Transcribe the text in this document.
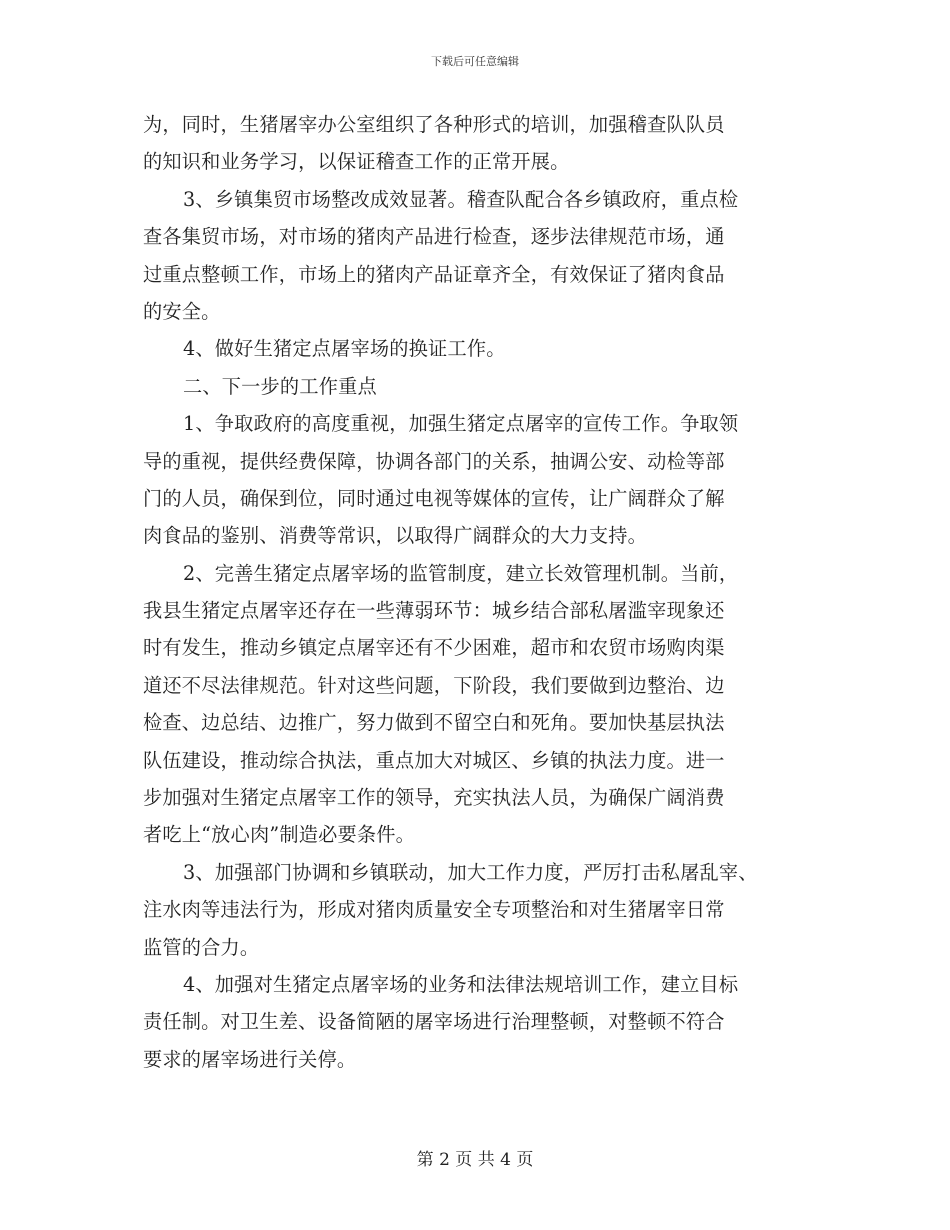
下载后可任意编辑
为，同时，生猪屠宰办公室组织了各种形式的培训，加强稽查队队员
的知识和业务学习，以保证稽查工作的正常开展。
3、乡镇集贸市场整改成效显著。稽查队配合各乡镇政府，重点检
查各集贸市场，对市场的猪肉产品进行检查，逐步法律规范市场，通
过重点整顿工作，市场上的猪肉产品证章齐全，有效保证了猪肉食品
的安全。
4、做好生猪定点屠宰场的换证工作。
二、下一步的工作重点
1、争取政府的高度重视，加强生猪定点屠宰的宣传工作。争取领
导的重视，提供经费保障，协调各部门的关系，抽调公安、动检等部
门的人员，确保到位，同时通过电视等媒体的宣传，让广阔群众了解
肉食品的鉴别、消费等常识，以取得广阔群众的大力支持。
2、完善生猪定点屠宰场的监管制度，建立长效管理机制。当前，
我县生猪定点屠宰还存在一些薄弱环节：城乡结合部私屠滥宰现象还
时有发生，推动乡镇定点屠宰还有不少困难，超市和农贸市场购肉渠
道还不尽法律规范。针对这些问题，下阶段，我们要做到边整治、边
检查、边总结、边推广，努力做到不留空白和死角。要加快基层执法
队伍建设，推动综合执法，重点加大对城区、乡镇的执法力度。进一
步加强对生猪定点屠宰工作的领导，充实执法人员，为确保广阔消费
者吃上“放心肉”制造必要条件。
3、加强部门协调和乡镇联动，加大工作力度，严厉打击私屠乱宰、
注水肉等违法行为，形成对猪肉质量安全专项整治和对生猪屠宰日常
监管的合力。
4、加强对生猪定点屠宰场的业务和法律法规培训工作，建立目标
责任制。对卫生差、设备简陋的屠宰场进行治理整顿，对整顿不符合
要求的屠宰场进行关停。
第 2 页 共 4 页
